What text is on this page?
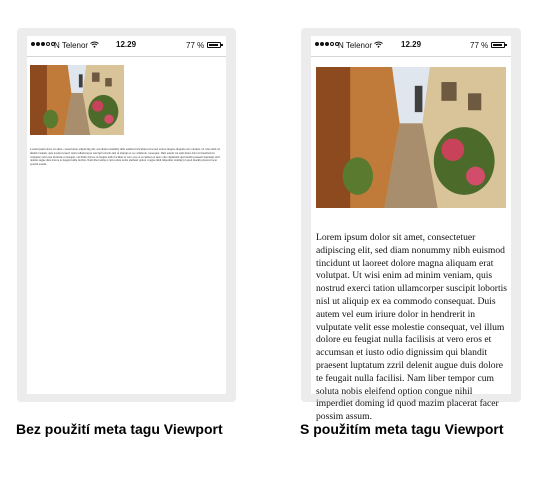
N Telenor	12.29	77 %
Lorem ipsum dolor sit amet, consectetuer adipiscing elit, sed diam nonummy nibh euismod tincidunt ut laoreet dolore magna aliquam erat volutpat. Ut wisi enim ad minim veniam, quis nostrud exerci tation ullamcorper suscipit lobortis nisl ut aliquip ex ea commodo consequat. Duis autem vel eum iriure dolor in hendrerit in vulputate velit esse molestie consequat, vel illum dolore eu feugiat nulla facilisis at vero eros et accumsan et iusto odio dignissim qui blandit praesent luptatum zzril delenit augue duis dolore te feugait nulla facilisi. Nam liber tempor cum soluta nobis eleifend option congue nihil imperdiet doming id quod mazim placerat facer possim assum.
N Telenor	12.29	77 %
Lorem ipsum dolor sit amet, consectetuer adipiscing elit, sed diam nonummy nibh euismod tincidunt ut laoreet dolore magna aliquam erat volutpat. Ut wisi enim ad minim veniam, quis nostrud exerci tation ullamcorper suscipit lobortis nisl ut aliquip ex ea commodo consequat. Duis autem vel eum iriure dolor in hendrerit in vulputate velit esse molestie consequat, vel illum dolore eu feugiat nulla facilisis at vero eros et accumsan et iusto odio dignissim qui blandit praesent luptatum zzril delenit augue duis dolore te feugait nulla facilisi. Nam liber tempor cum soluta nobis eleifend option congue nihil imperdiet doming id quod mazim placerat facer possim assum.
Bez použití meta tagu Viewport	S použitím meta tagu Viewport
